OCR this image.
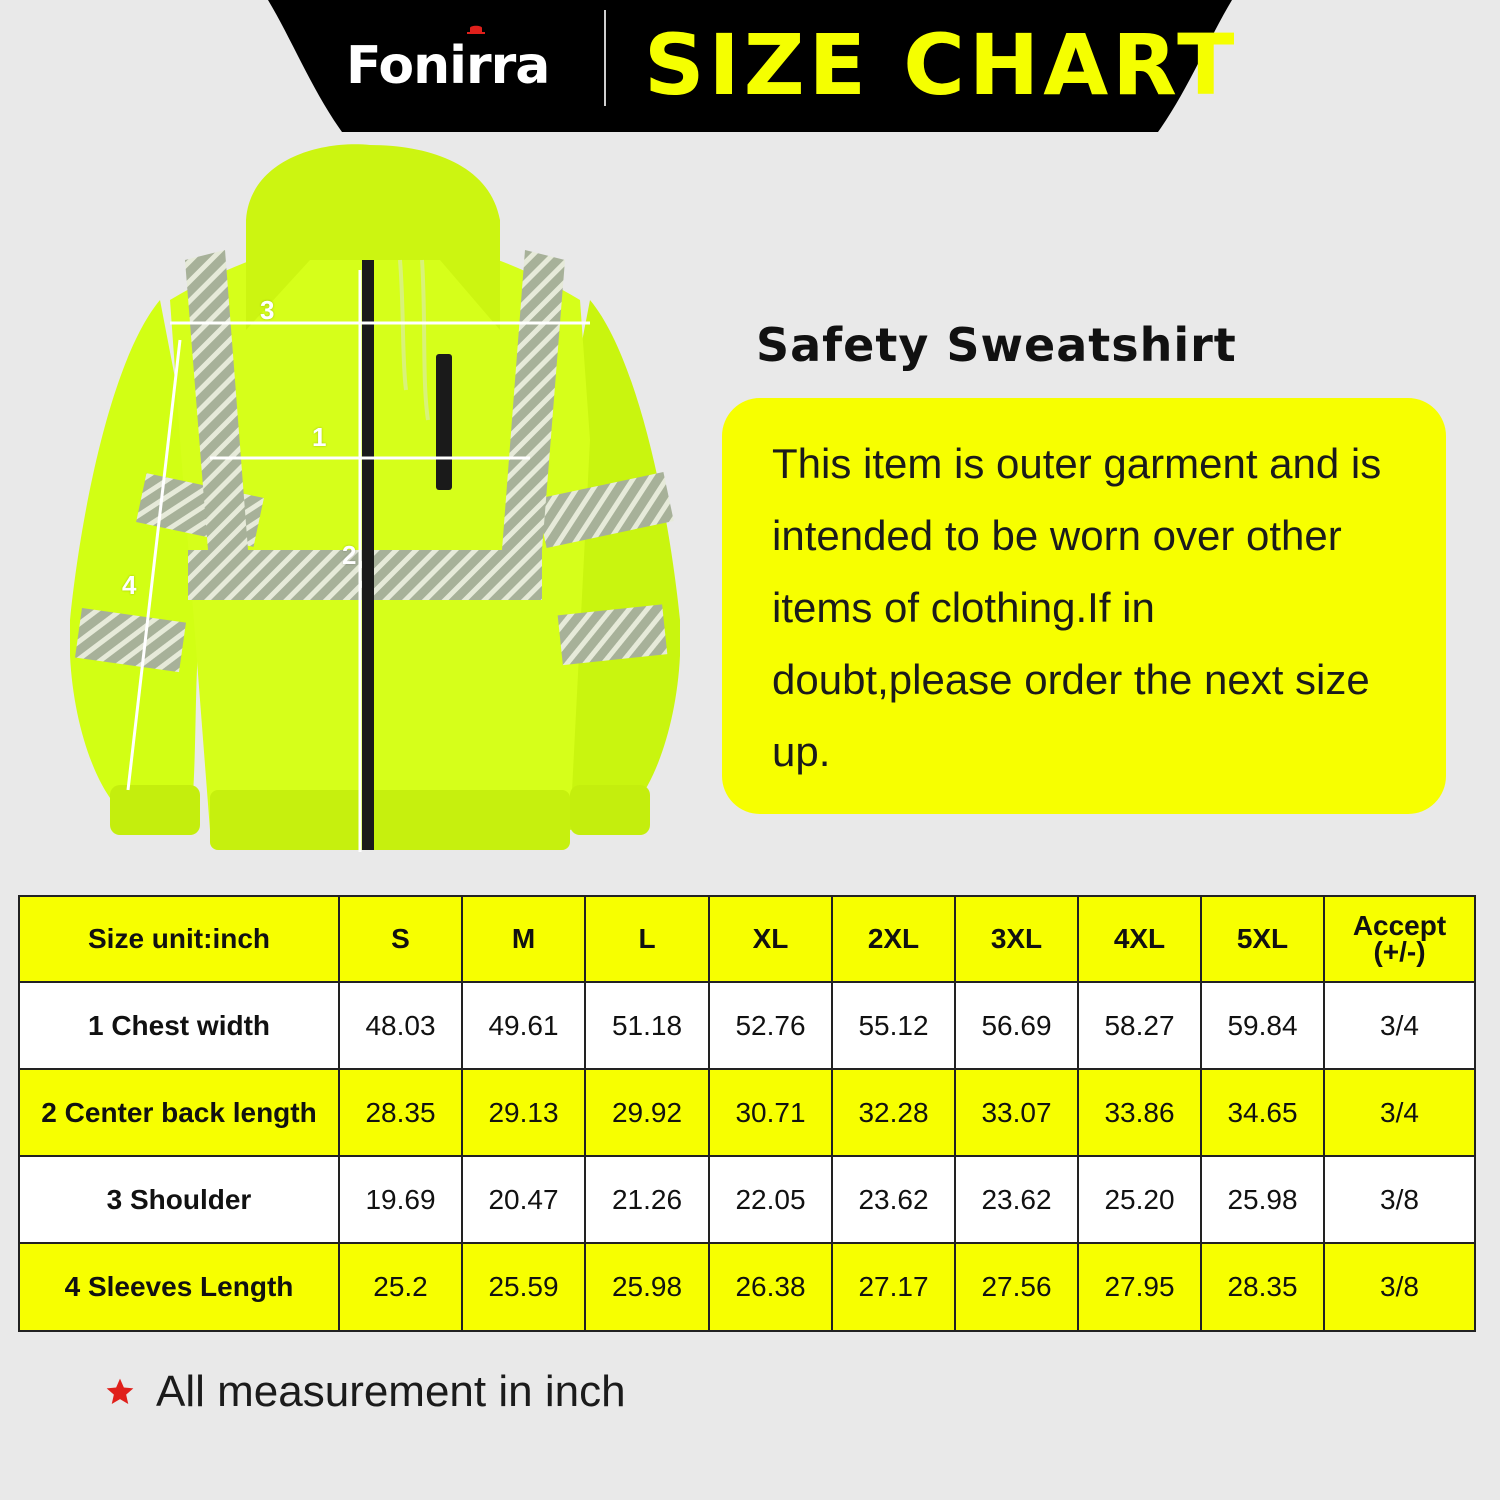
Fonirra	SIZE CHART
3
1
2
4
Safety Sweatshirt

This item is outer garment and is intended to be worn over other items of clothing.If in doubt,please order the next size up.

Size unit:inch	S	M	L	XL	2XL	3XL	4XL	5XL	Accept
(+/-)

1 Chest width	48.03	49.61	51.18	52.76	55.12	56.69	58.27	59.84	3/4
2 Center back length	28.35	29.13	29.92	30.71	32.28	33.07	33.86	34.65	3/4
3 Shoulder	19.69	20.47	21.26	22.05	23.62	23.62	25.20	25.98	3/8
4 Sleeves Length	25.2	25.59	25.98	26.38	27.17	27.56	27.95	28.35	3/8
All measurement in inch
